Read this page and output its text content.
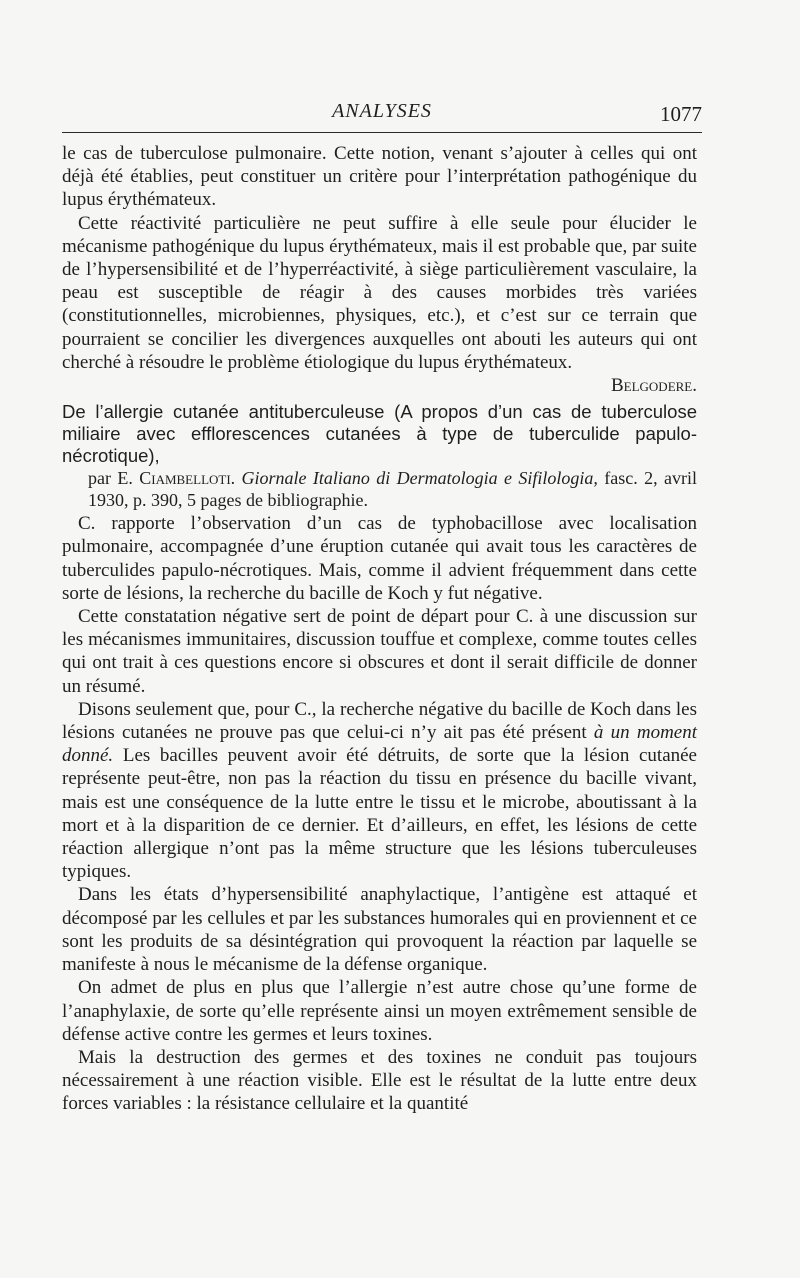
ANALYSES	1077

le cas de tuberculose pulmonaire. Cette notion, venant s’ajouter à celles qui ont déjà été établies, peut constituer un critère pour l’interprétation pathogénique du lupus érythémateux.

Cette réactivité particulière ne peut suffire à elle seule pour élucider le mécanisme pathogénique du lupus érythémateux, mais il est probable que, par suite de l’hypersensibilité et de l’hyperréactivité, à siège particulièrement vasculaire, la peau est susceptible de réagir à des causes morbides très variées (constitutionnelles, microbiennes, physiques, etc.), et c’est sur ce terrain que pourraient se concilier les divergences auxquelles ont abouti les auteurs qui ont cherché à résoudre le problème étiologique du lupus érythémateux.

Belgodere.

De l’allergie cutanée antituberculeuse (A propos d’un cas de tuberculose miliaire avec efflorescences cutanées à type de tuberculide papulo-nécrotique),
par E. Ciambelloti. Giornale Italiano di Dermatologia e Sifilologia, fasc. 2, avril 1930, p. 390, 5 pages de bibliographie.

C. rapporte l’observation d’un cas de typhobacillose avec localisation pulmonaire, accompagnée d’une éruption cutanée qui avait tous les caractères de tuberculides papulo-nécrotiques. Mais, comme il advient fréquemment dans cette sorte de lésions, la recherche du bacille de Koch y fut négative.

Cette constatation négative sert de point de départ pour C. à une discussion sur les mécanismes immunitaires, discussion touffue et complexe, comme toutes celles qui ont trait à ces questions encore si obscures et dont il serait difficile de donner un résumé.

Disons seulement que, pour C., la recherche négative du bacille de Koch dans les lésions cutanées ne prouve pas que celui-ci n’y ait pas été présent à un moment donné. Les bacilles peuvent avoir été détruits, de sorte que la lésion cutanée représente peut-être, non pas la réaction du tissu en présence du bacille vivant, mais est une conséquence de la lutte entre le tissu et le microbe, aboutissant à la mort et à la disparition de ce dernier. Et d’ailleurs, en effet, les lésions de cette réaction allergique n’ont pas la même structure que les lésions tuberculeuses typiques.

Dans les états d’hypersensibilité anaphylactique, l’antigène est attaqué et décomposé par les cellules et par les substances humorales qui en proviennent et ce sont les produits de sa désintégration qui provoquent la réaction par laquelle se manifeste à nous le mécanisme de la défense organique.

On admet de plus en plus que l’allergie n’est autre chose qu’une forme de l’anaphylaxie, de sorte qu’elle représente ainsi un moyen extrêmement sensible de défense active contre les germes et leurs toxines.

Mais la destruction des germes et des toxines ne conduit pas toujours nécessairement à une réaction visible. Elle est le résultat de la lutte entre deux forces variables : la résistance cellulaire et la quantité
